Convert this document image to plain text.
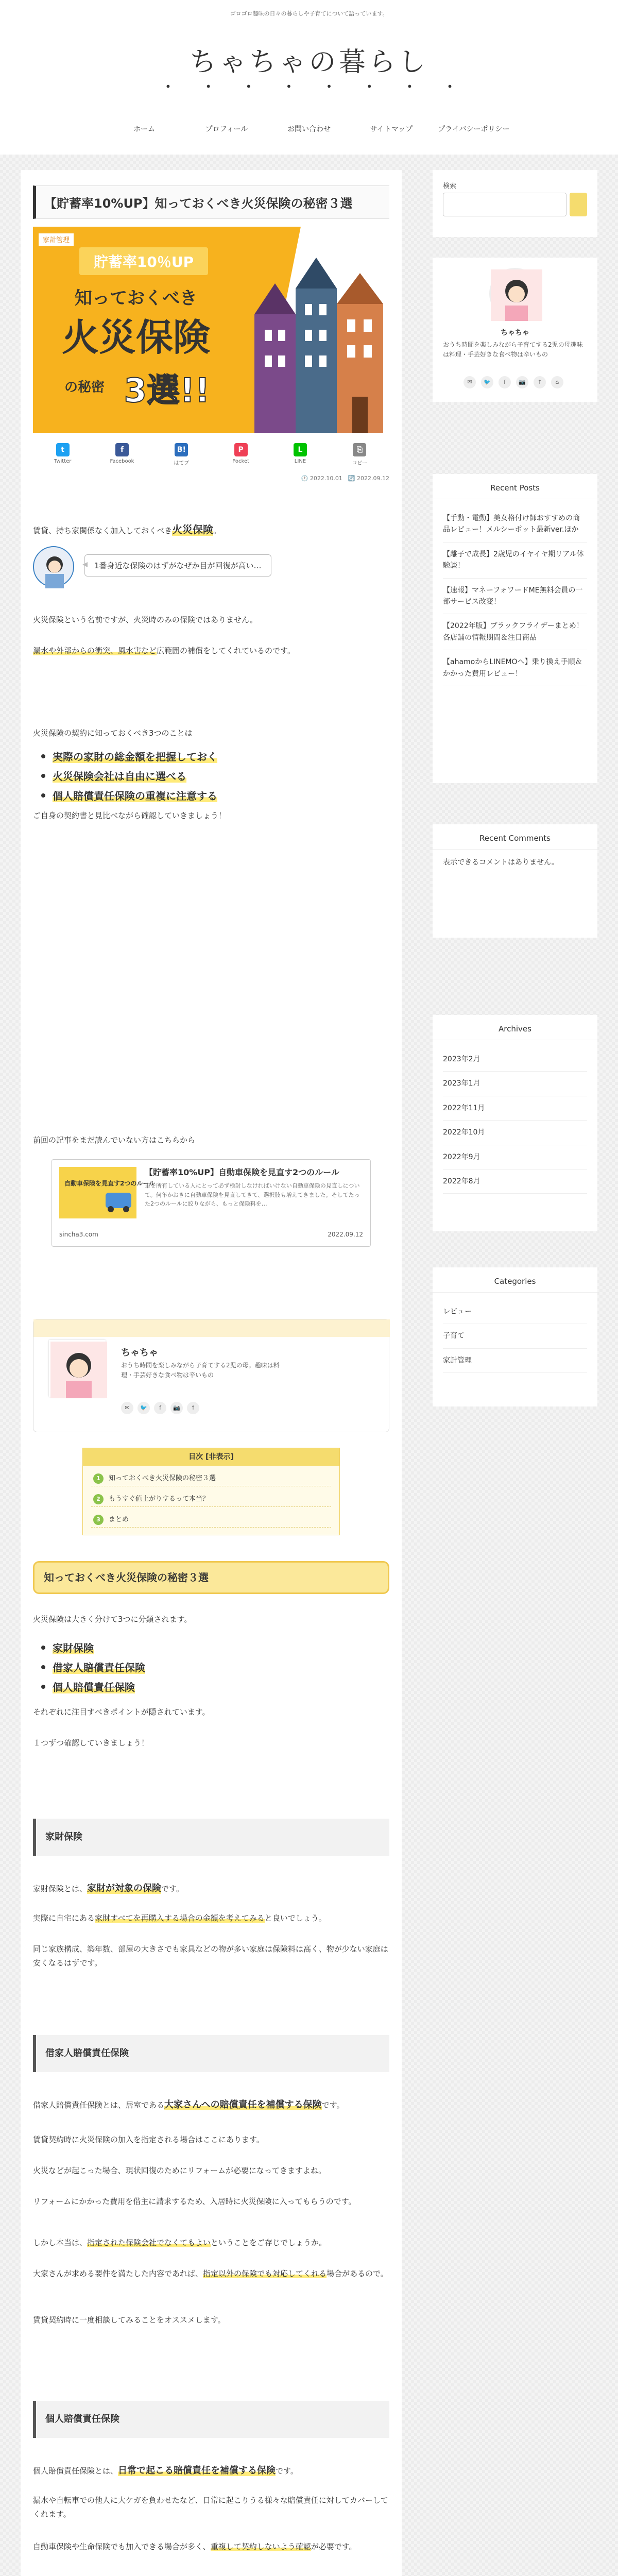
ゴロゴロ趣味の日々の暮らしや子育てについて語っています。
ちゃちゃの暮らし
• • • • • • • •
ホーム	プロフィール	お問い合わせ	サイトマップ	プライバシーポリシー
【貯蓄率10%UP】知っておくべき火災保険の秘密３選
家計管理
貯蓄率10％UP
知っておくべき
火災保険
の秘密 3選!!
t
Twitter
f
Facebook
B!
はてブ
P
Pocket
L
LINE
⎘
コピー
🕐 2022.10.01　🔄 2022.09.12
賃貸、持ち家関係なく加入しておくべき火災保険。
1番身近な保険のはずがなぜか目が回復が高い…
火災保険という名前ですが、火災時のみの保険ではありません。
漏水や外部からの衝突、風水害など広範囲の補償をしてくれているのです。
火災保険の契約に知っておくべき3つのことは
実際の家財の総金額を把握しておく
火災保険会社は自由に選べる
個人賠償責任保険の重複に注意する
ご自身の契約書と見比べながら確認していきましょう！
前回の記事をまだ読んでいない方はこちらから
自動車保険を見直す2つのルール
【貯蓄率10%UP】自動車保険を見直す2つのルール
車を所有している人にとって必ず検討しなければいけない自動車保険の見直しについて。何年かおきに自動車保険を見直してきて、選択肢も増えてきました。そしてたった2つのルールに絞りながら、もっと保険料を…
sincha3.com	2022.09.12
ちゃちゃ
おうち時間を楽しみながら子育てする2児の母。趣味は料理・手芸好きな食べ物は辛いもの
✉	🐦	f	📷	↑
目次 [非表示]
1	知っておくべき火災保険の秘密３選
2	もうすぐ値上がりするって本当？
3	まとめ
知っておくべき火災保険の秘密３選
火災保険は大きく分けて3つに分類されます。
家財保険
借家人賠償責任保険
個人賠償責任保険
それぞれに注目すべきポイントが隠されています。
１つずつ確認していきましょう！
家財保険
家財保険とは、家財が対象の保険です。
実際に自宅にある家財すべてを再購入する場合の金額を考えてみると良いでしょう。
同じ家族構成、築年数、部屋の大きさでも家具などの物が多い家庭は保険料は高く、物が少ない家庭は安くなるはずです。
借家人賠償責任保険
借家人賠償責任保険とは、居室である大家さんへの賠償責任を補償する保険です。
賃貸契約時に火災保険の加入を指定される場合はここにあります。
火災などが起こった場合、現状回復のためにリフォームが必要になってきますよね。
リフォームにかかった費用を借主に請求するため、入居時に火災保険に入ってもらうのです。
しかし本当は、指定された保険会社でなくてもよいということをご存じでしょうか。
大家さんが求める要件を満たした内容であれば、指定以外の保険でも対応してくれる場合があるので。
賃貸契約時に一度相談してみることをオススメします。
個人賠償責任保険
個人賠償責任保険とは、日常で起こる賠償責任を補償する保険です。
漏水や自転車での他人に大ケガを負わせたなど、日常に起こりうる様々な賠償責任に対してカバーしてくれます。
自動車保険や生命保険でも加入できる場合が多く、重複して契約しないよう確認が必要です。
検索
ちゃちゃ
おうち時間を楽しみながら子育てする2児の母趣味は料理・手芸好きな食べ物は辛いもの
✉	🐦	f	📷	↑	⌂
Recent Posts
【手動・電動】美女格付け師おすすめの商品レビュー！メルシーポット最新ver.ほか
【離子で成長】2歳児のイヤイヤ期リアル体験談！
【速報】マネーフォワードME無料会員の一部サービス改変！
【2022年版】ブラックフライデーまとめ！各店舗の情報期間＆注目商品
【ahamoからLINEMOへ】乗り換え手順＆かかった費用レビュー！
Recent Comments
表示できるコメントはありません。
Archives
2023年2月
2023年1月
2022年11月
2022年10月
2022年9月
2022年8月
Categories
レビュー
子育て
家計管理
